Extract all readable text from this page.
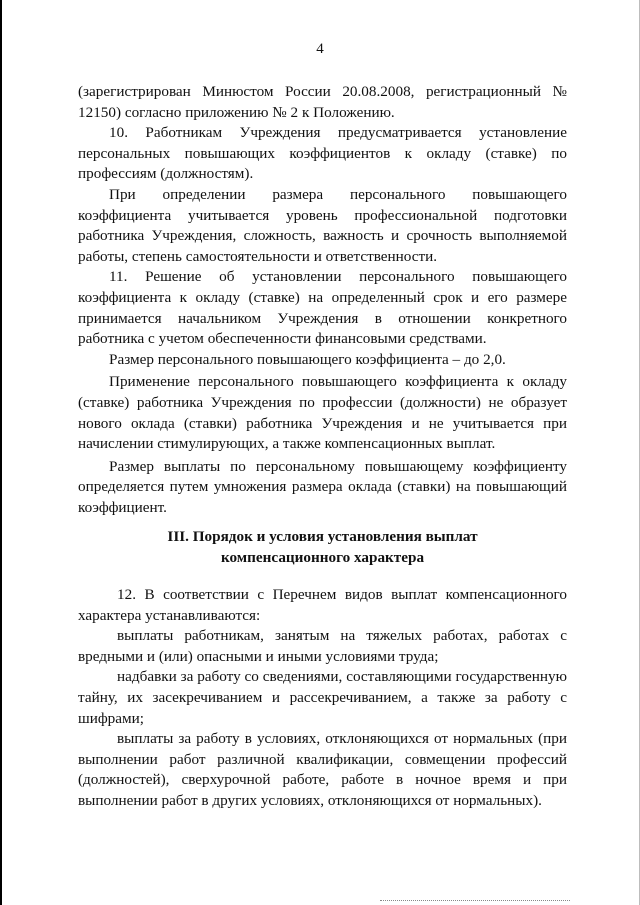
4

(зарегистрирован Минюстом России 20.08.2008, регистрационный № 12150) согласно приложению № 2 к Положению.

10. Работникам Учреждения предусматривается установление персональных повышающих коэффициентов к окладу (ставке) по профессиям (должностям).

При определении размера персонального повышающего коэффициента учитывается уровень профессиональной подготовки работника Учреждения, сложность, важность и срочность выполняемой работы, степень самостоятельности и ответственности.

11. Решение об установлении персонального повышающего коэффициента к окладу (ставке) на определенный срок и его размере принимается начальником Учреждения в отношении конкретного работника с учетом обеспеченности финансовыми средствами.

Размер персонального повышающего коэффициента – до 2,0.

Применение персонального повышающего коэффициента к окладу (ставке) работника Учреждения по профессии (должности) не образует нового оклада (ставки) работника Учреждения и не учитывается при начислении стимулирующих, а также компенсационных выплат.

Размер выплаты по персональному повышающему коэффициенту определяется путем умножения размера оклада (ставки) на повышающий коэффициент.

III. Порядок и условия установления выплат
компенсационного характера

12. В соответствии с Перечнем видов выплат компенсационного характера устанавливаются:

выплаты работникам, занятым на тяжелых работах, работах с вредными и (или) опасными и иными условиями труда;

надбавки за работу со сведениями, составляющими государственную тайну, их засекречиванием и рассекречиванием, а также за работу с шифрами;

выплаты за работу в условиях, отклоняющихся от нормальных (при выполнении работ различной квалификации, совмещении профессий (должностей), сверхурочной работе, работе в ночное время и при выполнении работ в других условиях, отклоняющихся от нормальных).
